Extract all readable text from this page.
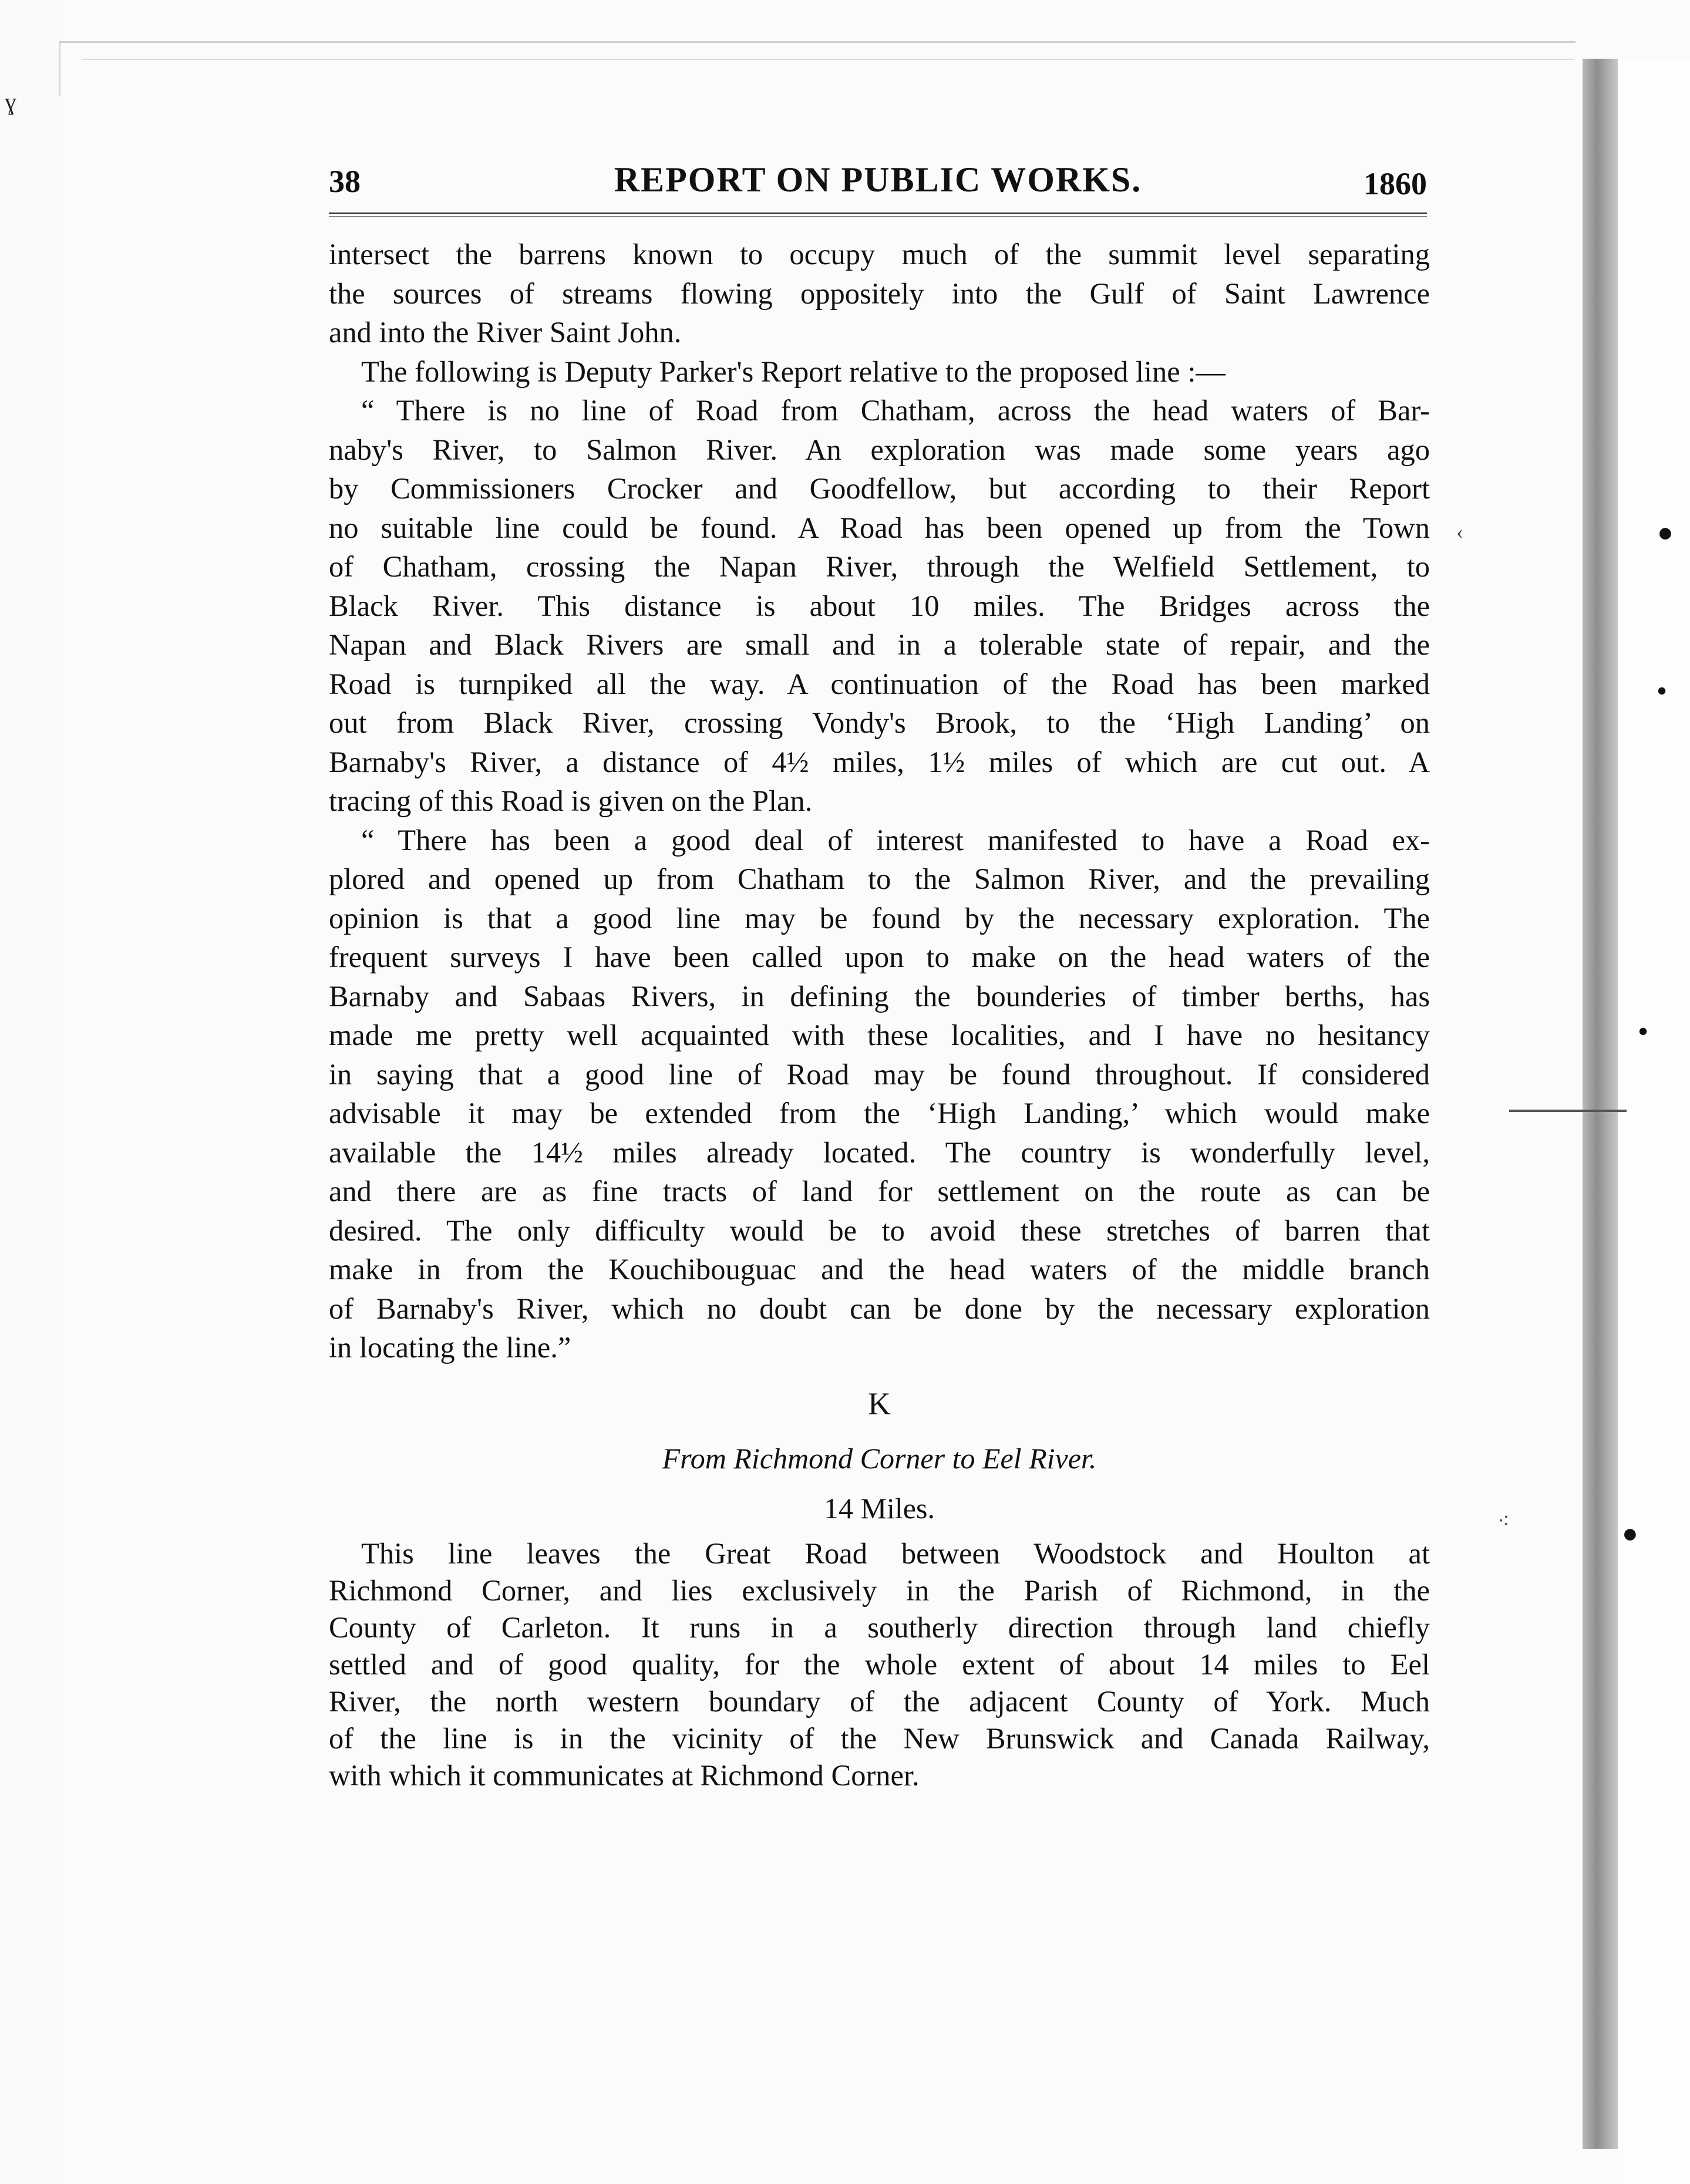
ɣ
●
•
•
●
‹
⁖
38	REPORT ON PUBLIC WORKS.	1860

intersect the barrens known to occupy much of the summit level separating

the sources of streams flowing oppositely into the Gulf of Saint Lawrence

and into the River Saint John.

The following is Deputy Parker's Report relative to the proposed line :—

“ There is no line of Road from Chatham, across the head waters of Bar-

naby's River, to Salmon River. An exploration was made some years ago

by Commissioners Crocker and Goodfellow, but according to their Report

no suitable line could be found. A Road has been opened up from the Town

of Chatham, crossing the Napan River, through the Welfield Settlement, to

Black River. This distance is about 10 miles. The Bridges across the

Napan and Black Rivers are small and in a tolerable state of repair, and the

Road is turnpiked all the way. A continuation of the Road has been marked

out from Black River, crossing Vondy's Brook, to the ‘High Landing’ on

Barnaby's River, a distance of 4½ miles, 1½ miles of which are cut out. A

tracing of this Road is given on the Plan.

“ There has been a good deal of interest manifested to have a Road ex-

plored and opened up from Chatham to the Salmon River, and the prevailing

opinion is that a good line may be found by the necessary exploration. The

frequent surveys I have been called upon to make on the head waters of the

Barnaby and Sabaas Rivers, in defining the bounderies of timber berths, has

made me pretty well acquainted with these localities, and I have no hesitancy

in saying that a good line of Road may be found throughout. If considered

advisable it may be extended from the ‘High Landing,’ which would make

available the 14½ miles already located. The country is wonderfully level,

and there are as fine tracts of land for settlement on the route as can be

desired. The only difficulty would be to avoid these stretches of barren that

make in from the Kouchibouguac and the head waters of the middle branch

of Barnaby's River, which no doubt can be done by the necessary exploration

in locating the line.”

K
From Richmond Corner to Eel River.
14 Miles.

This line leaves the Great Road between Woodstock and Houlton at

Richmond Corner, and lies exclusively in the Parish of Richmond, in the

County of Carleton. It runs in a southerly direction through land chiefly

settled and of good quality, for the whole extent of about 14 miles to Eel

River, the north western boundary of the adjacent County of York. Much

of the line is in the vicinity of the New Brunswick and Canada Railway,

with which it communicates at Richmond Corner.
